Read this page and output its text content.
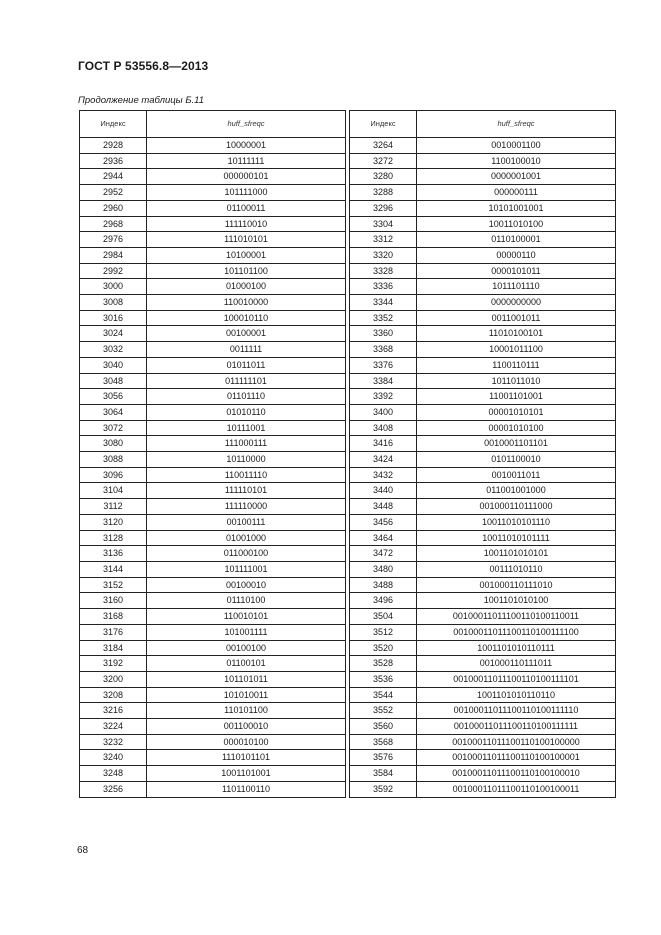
ГОСТ Р 53556.8—2013
Продолжение таблицы Б.11
Индекс	huff_sfreqc		Индекс	huff_sfreqc
2928	10000001		3264	0010001100
2936	10111111		3272	1100100010
2944	000000101		3280	0000001001
2952	101111000		3288	000000111
2960	01100011		3296	10101001001
2968	111110010		3304	10011010100
2976	111010101		3312	0110100001
2984	10100001		3320	00000110
2992	101101100		3328	0000101011
3000	01000100		3336	1011101110
3008	110010000		3344	0000000000
3016	100010110		3352	0011001011
3024	00100001		3360	11010100101
3032	0011111		3368	10001011100
3040	01011011		3376	1100110111
3048	011111101		3384	1011011010
3056	01101110		3392	11001101001
3064	01010110		3400	00001010101
3072	10111001		3408	00001010100
3080	111000111		3416	0010001101101
3088	10110000		3424	0101100010
3096	110011110		3432	0010011011
3104	111110101		3440	011001001000
3112	111110000		3448	001000110111000
3120	00100111		3456	10011010101110
3128	01001000		3464	10011010101111
3136	011000100		3472	1001101010101
3144	101111001		3480	00111010110
3152	00100010		3488	001000110111010
3160	01110100		3496	1001101010100
3168	110010101		3504	00100011011100110100110011
3176	101001111		3512	00100011011100110100111100
3184	00100100		3520	1001101010110111
3192	01100101		3528	001000110111011
3200	101101011		3536	00100011011100110100111101
3208	101010011		3544	1001101010110110
3216	110101100		3552	00100011011100110100111110
3224	001100010		3560	00100011011100110100111111
3232	000010100		3568	00100011011100110100100000
3240	1110101101		3576	00100011011100110100100001
3248	1001101001		3584	00100011011100110100100010
3256	1101100110		3592	00100011011100110100100011
68
